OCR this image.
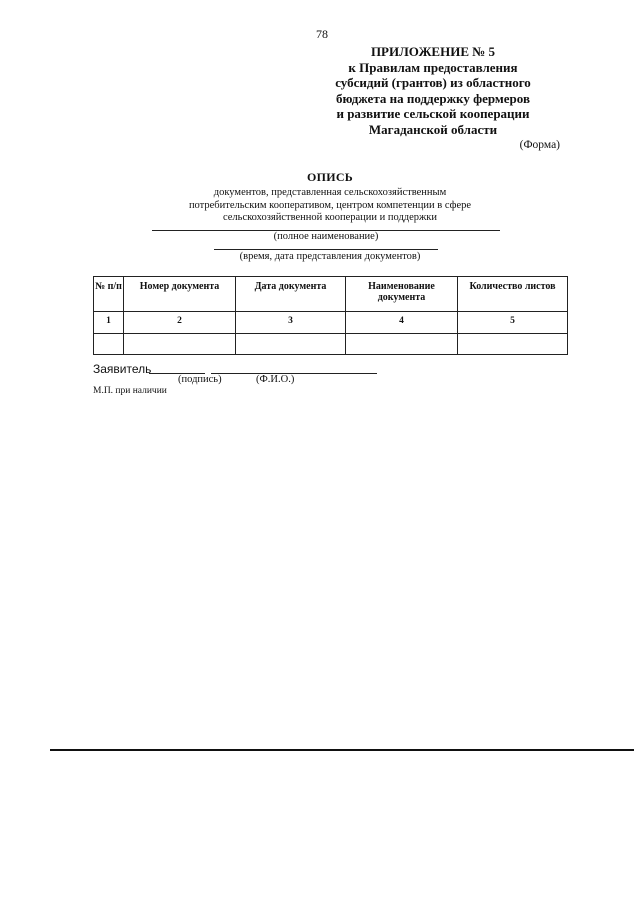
78
ПРИЛОЖЕНИЕ № 5
к Правилам предоставления
субсидий (грантов) из областного
бюджета на поддержку фермеров
и развитие сельской кооперации
Магаданской области
(Форма)
ОПИСЬ
документов, представленная сельскохозяйственным
потребительским кооперативом, центром компетенции в сфере
сельскохозяйственной кооперации и поддержки
(полное наименование)
(время, дата представления документов)
№ п/п	Номер документа	Дата документа	Наименование документа	Количество листов
1	2	3	4	5

Заявитель
(подпись)	(Ф.И.О.)
М.П. при наличии
